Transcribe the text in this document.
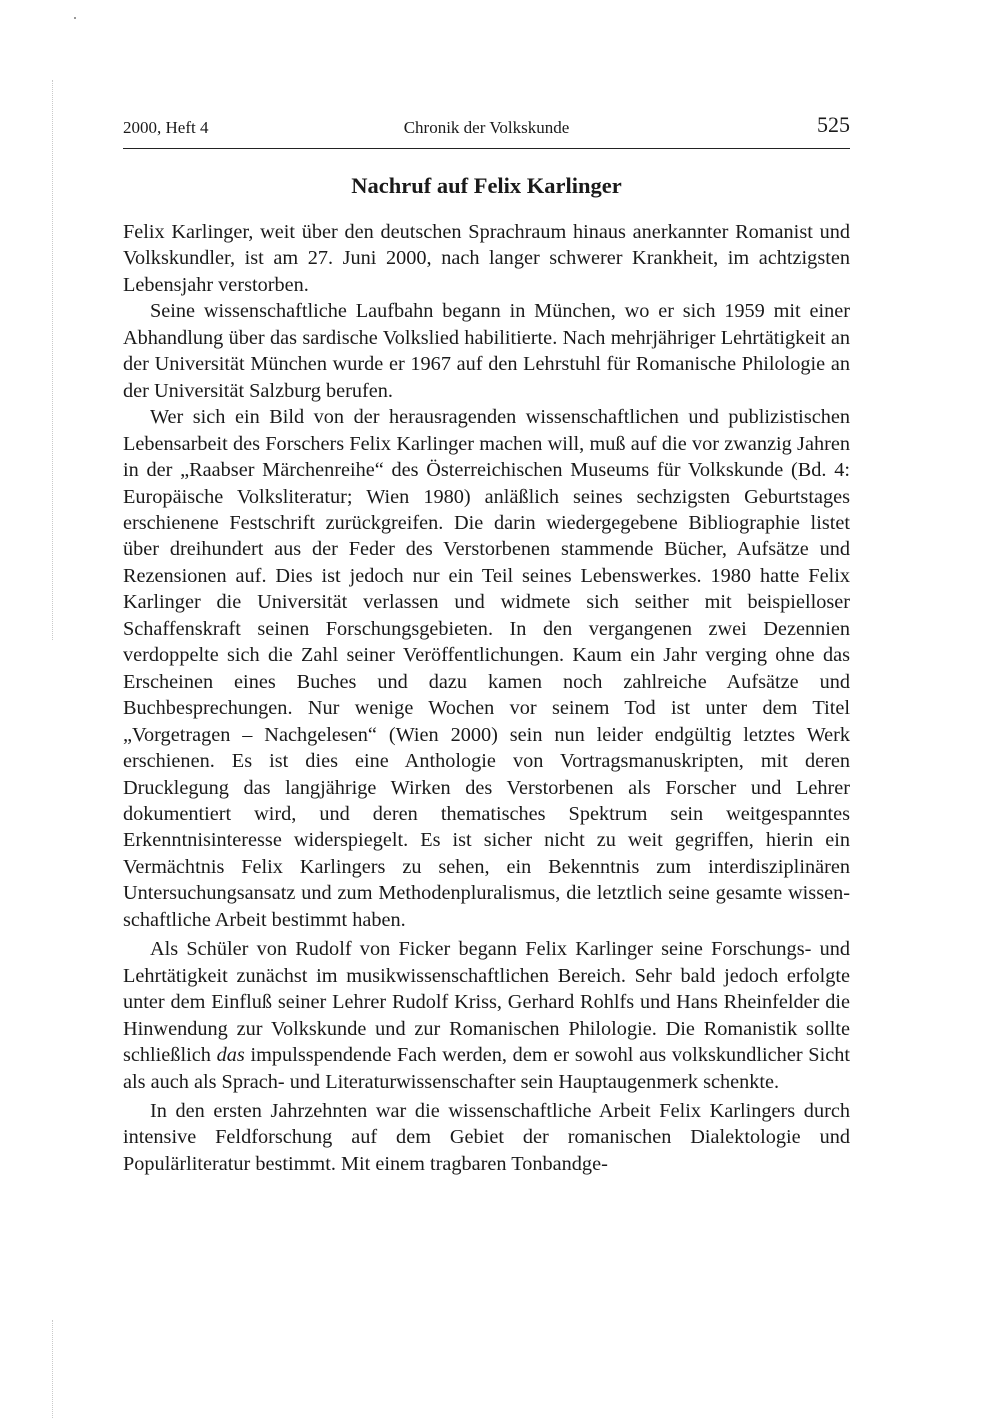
2000, Heft 4	Chronik der Volkskunde	525
Nachruf auf Felix Karlinger

Felix Karlinger, weit über den deutschen Sprachraum hinaus anerkannter Romanist und Volkskundler, ist am 27. Juni 2000, nach langer schwerer Krankheit, im achtzigsten Lebensjahr verstorben.

Seine wissenschaftliche Laufbahn begann in München, wo er sich 1959 mit einer Abhandlung über das sardische Volkslied habilitierte. Nach mehrjähriger Lehrtätigkeit an der Universität München wurde er 1967 auf den Lehrstuhl für Romanische Philologie an der Universität Salzburg berufen.

Wer sich ein Bild von der herausragenden wissenschaftlichen und publizistischen Lebensarbeit des Forschers Felix Karlinger machen will, muß auf die vor zwanzig Jahren in der „Raabser Märchenreihe“ des Österreichischen Museums für Volkskunde (Bd. 4: Europäische Volksliteratur; Wien 1980) anläßlich seines sechzigsten Geburtstages erschienene Festschrift zurückgreifen. Die darin wiedergegebene Bibliographie listet über dreihundert aus der Feder des Verstorbenen stammende Bücher, Aufsätze und Rezensionen auf. Dies ist jedoch nur ein Teil seines Lebenswerkes. 1980 hatte Felix Karlinger die Universität verlassen und widmete sich seither mit beispielloser Schaffenskraft seinen Forschungsgebieten. In den vergangenen zwei Dezennien verdoppelte sich die Zahl seiner Veröffentlichungen. Kaum ein Jahr verging ohne das Erscheinen eines Buches und dazu kamen noch zahlreiche Aufsätze und Buchbesprechungen. Nur wenige Wochen vor seinem Tod ist unter dem Titel „Vorgetragen – Nachgelesen“ (Wien 2000) sein nun leider endgültig letztes Werk erschienen. Es ist dies eine Anthologie von Vortragsmanuskripten, mit deren Drucklegung das langjährige Wirken des Verstorbenen als Forscher und Lehrer dokumentiert wird, und deren thematisches Spektrum sein weitgespanntes Erkenntnisinteresse widerspiegelt. Es ist sicher nicht zu weit gegriffen, hierin ein Vermächtnis Felix Karlingers zu sehen, ein Bekenntnis zum interdisziplinären Untersuchungsansatz und zum Methodenpluralismus, die letztlich seine gesamte wissenschaftliche Arbeit bestimmt haben.

Als Schüler von Rudolf von Ficker begann Felix Karlinger seine Forschungs- und Lehrtätigkeit zunächst im musikwissenschaftlichen Bereich. Sehr bald jedoch erfolgte unter dem Einfluß seiner Lehrer Rudolf Kriss, Gerhard Rohlfs und Hans Rheinfelder die Hinwendung zur Volkskunde und zur Romanischen Philologie. Die Romanistik sollte schließlich das impulsspendende Fach werden, dem er sowohl aus volkskundlicher Sicht als auch als Sprach- und Literaturwissenschafter sein Hauptaugenmerk schenkte.

In den ersten Jahrzehnten war die wissenschaftliche Arbeit Felix Karlingers durch intensive Feldforschung auf dem Gebiet der romanischen Dialektologie und Populärliteratur bestimmt. Mit einem tragbaren Tonbandge-
